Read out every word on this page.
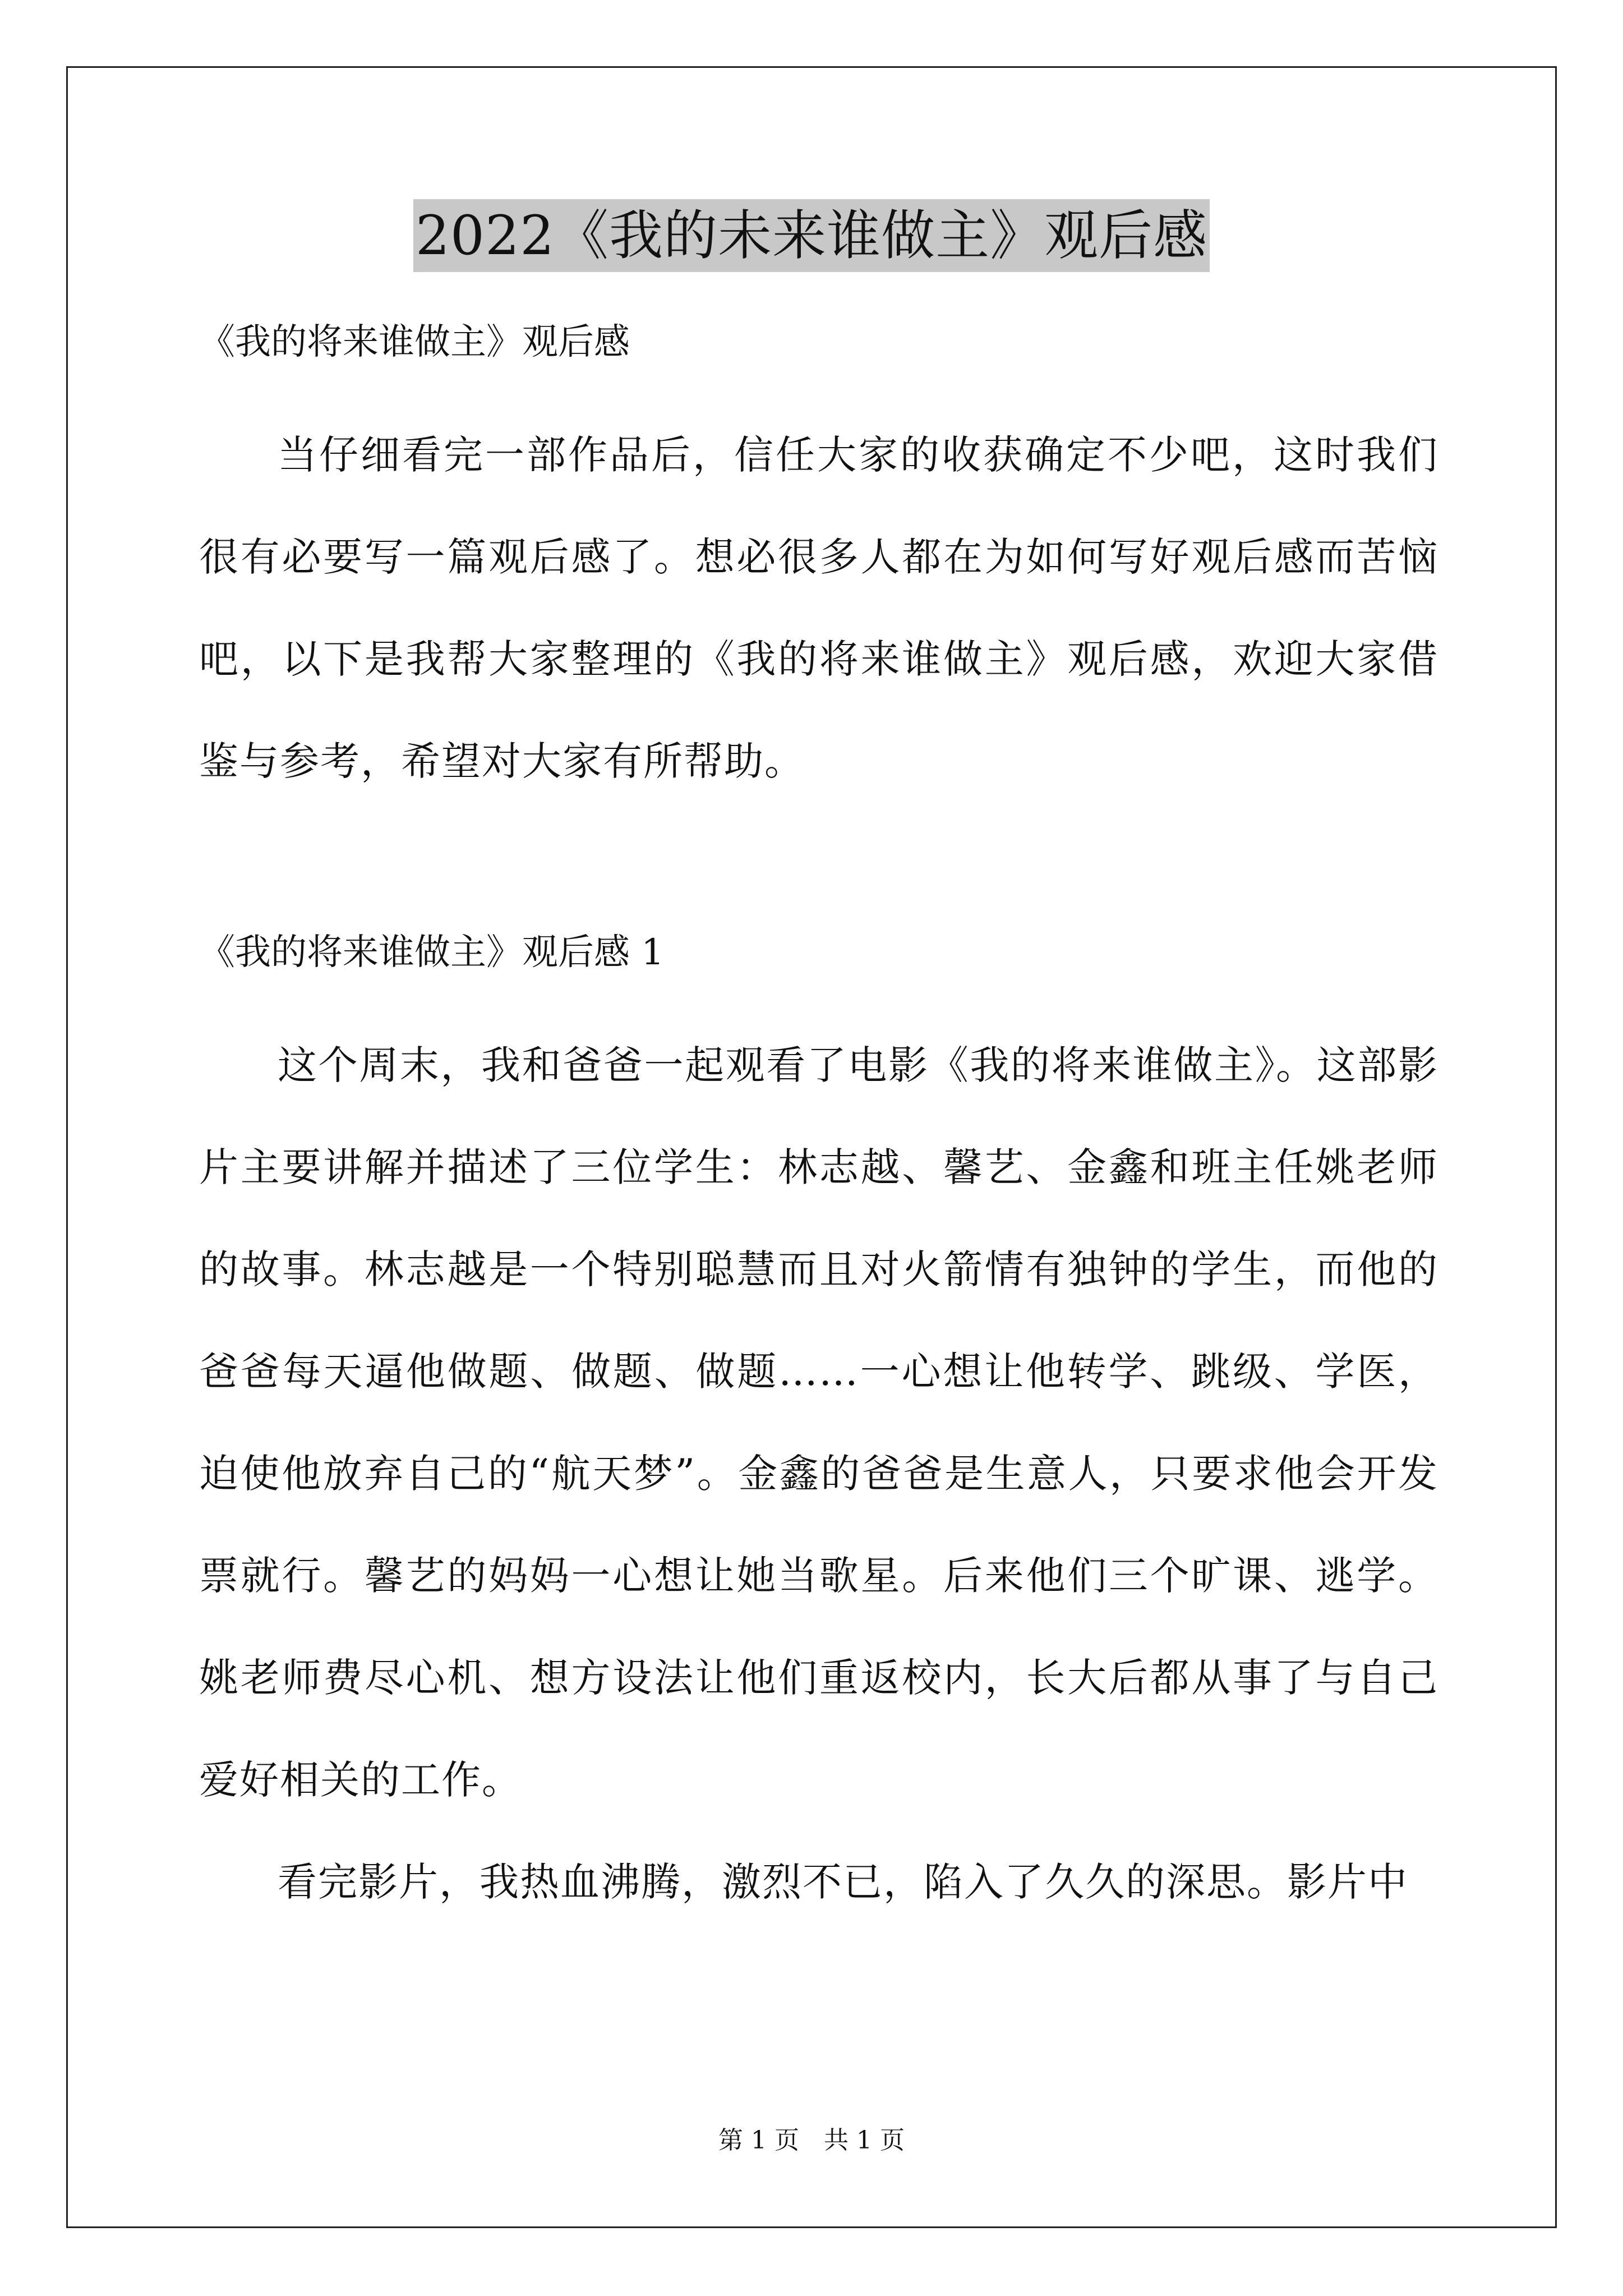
2022《我的未来谁做主》观后感

《我的将来谁做主》观后感

当仔细看完一部作品后，信任大家的收获确定不少吧，这时我们很有必要写一篇观后感了。想必很多人都在为如何写好观后感而苦恼吧，以下是我帮大家整理的《我的将来谁做主》观后感，欢迎大家借鉴与参考，希望对大家有所帮助。

《我的将来谁做主》观后感 1

这个周末，我和爸爸一起观看了电影《我的将来谁做主》。这部影片主要讲解并描述了三位学生：林志越、馨艺、金鑫和班主任姚老师的故事。林志越是一个特别聪慧而且对火箭情有独钟的学生，而他的爸爸每天逼他做题、做题、做题……一心想让他转学、跳级、学医，迫使他放弃自己的“航天梦”。金鑫的爸爸是生意人，只要求他会开发票就行。馨艺的妈妈一心想让她当歌星。后来他们三个旷课、逃学。姚老师费尽心机、想方设法让他们重返校内，长大后都从事了与自己爱好相关的工作。

看完影片，我热血沸腾，激烈不已，陷入了久久的深思。影片中

第 1 页　共 1 页
